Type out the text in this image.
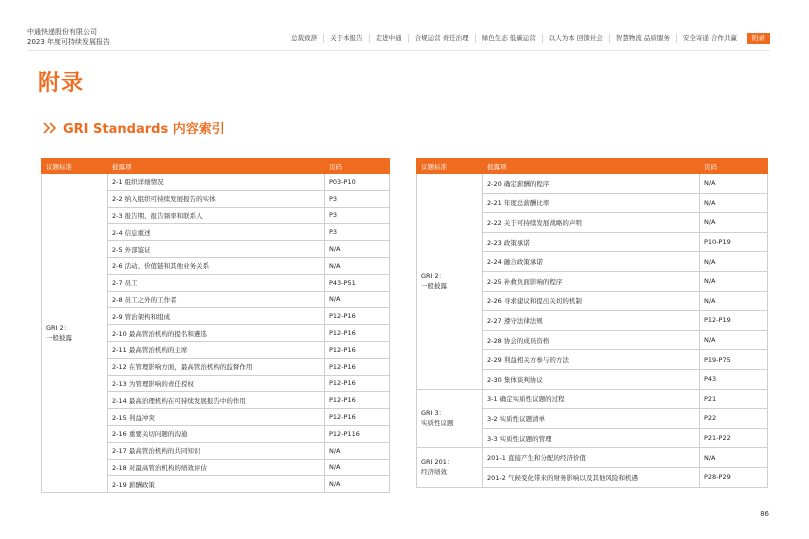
中通快递股份有限公司
2023 年度可持续发展报告	总裁致辞	关于本报告	走进中通	合规运营 责任治理	绿色生态 低碳运营	以人为本 回馈社会	智慧物流 品质服务	安全寄递 合作共赢	附录
附录
GRI Standards 内容索引
议题标准	披露项	页码
GRI 2：
一般披露	2-1 组织详细情况	P03-P10
	2-2 纳入组织可持续发展报告的实体	P3
	2-3 报告期、报告频率和联系人	P3
	2-4 信息重述	P3
	2-5 外部鉴证	N/A
	2-6 活动、价值链和其他业务关系	N/A
	2-7 员工	P43-P51
	2-8 员工之外的工作者	N/A
	2-9 管治架构和组成	P12-P16
	2-10 最高管治机构的提名和遴选	P12-P16
	2-11 最高管治机构的主席	P12-P16
	2-12 在管理影响方面，最高管治机构的监督作用	P12-P16
	2-13 为管理影响的责任授权	P12-P16
	2-14 最高治理机构在可持续发展报告中的作用	P12-P16
	2-15 利益冲突	P12-P16
	2-16 重要关切问题的沟通	P12-P116
	2-17 最高管治机构的共同知识	N/A
	2-18 对最高管治机构的绩效评估	N/A
	2-19 薪酬政策	N/A
议题标准	披露项	页码
GRI 2：
一般披露	2-20 确定薪酬的程序	N/A
	2-21 年度总薪酬比率	N/A
	2-22 关于可持续发展战略的声明	N/A
	2-23 政策承诺	P10-P19
	2-24 融合政策承诺	N/A
	2-25 补救负面影响的程序	N/A
	2-26 寻求建议和提出关切的机制	N/A
	2-27 遵守法律法规	P12-P19
	2-28 协会的成员资格	N/A
	2-29 利益相关方参与的方法	P19-P75
	2-30 集体谈判协议	P43
GRI 3：
实质性议题	3-1 确定实质性议题的过程	P21
	3-2 实质性议题清单	P22
	3-3 实质性议题的管理	P21-P22
GRI 201：
经济绩效	201-1 直接产生和分配的经济价值	N/A
	201-2 气候变化带来的财务影响以及其他风险和机遇	P28-P29
86
